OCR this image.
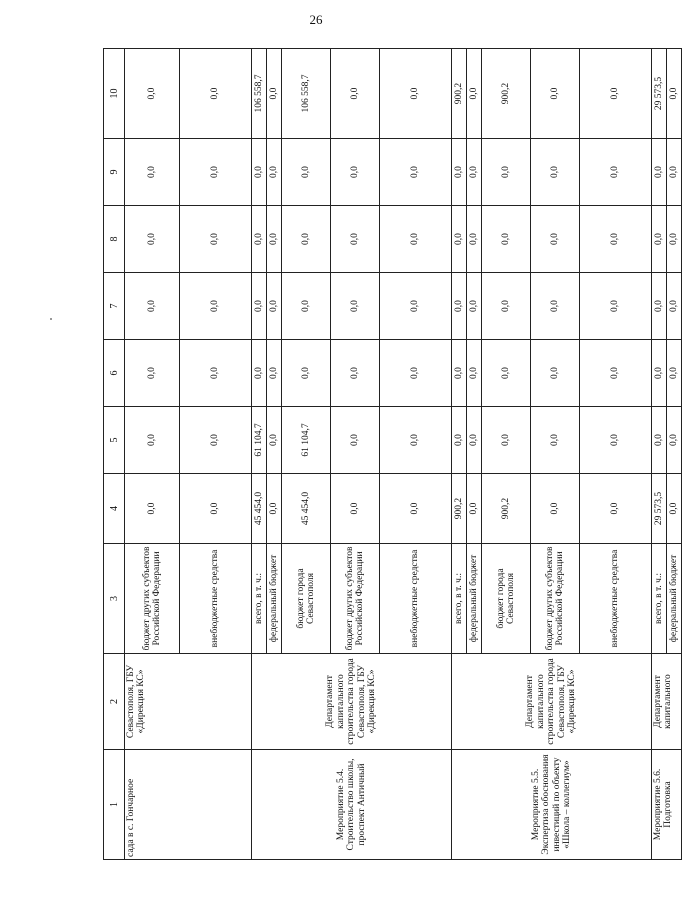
26
1	2	3	4	5	6	7	8	9	10
сада в с. Гончарное	Севастополя, ГБУ «Дирекция КС»	бюджет других субъектов Российской Федерации	0,0	0,0	0,0	0,0	0,0	0,0	0,0
		внебюджетные средства	0,0	0,0	0,0	0,0	0,0	0,0	0,0
Мероприятие 5.4. Строительство школы, проспект Античный	Департамент капитального строительства города Севастополя, ГБУ «Дирекция КС»	всего, в т. ч.:	45 454,0	61 104,7	0,0	0,0	0,0	0,0	106 558,7
		федеральный бюджет	0,0	0,0	0,0	0,0	0,0	0,0	0,0
		бюджет города Севастополя	45 454,0	61 104,7	0,0	0,0	0,0	0,0	106 558,7
		бюджет других субъектов Российской Федерации	0,0	0,0	0,0	0,0	0,0	0,0	0,0
		внебюджетные средства	0,0	0,0	0,0	0,0	0,0	0,0	0,0
Мероприятие 5.5. Экспертиза обоснования инвестиций по объекту «Школа – коллегиум»	Департамент капитального строительства города Севастополя, ГБУ «Дирекция КС»	всего, в т. ч.:	900,2	0,0	0,0	0,0	0,0	0,0	900,2
		федеральный бюджет	0,0	0,0	0,0	0,0	0,0	0,0	0,0
		бюджет города Севастополя	900,2	0,0	0,0	0,0	0,0	0,0	900,2
		бюджет других субъектов Российской Федерации	0,0	0,0	0,0	0,0	0,0	0,0	0,0
		внебюджетные средства	0,0	0,0	0,0	0,0	0,0	0,0	0,0
Мероприятие 5.6. Подготовка	Департамент капитального	всего, в т. ч.:	29 573,5	0,0	0,0	0,0	0,0	0,0	29 573,5
		федеральный бюджет	0,0	0,0	0,0	0,0	0,0	0,0	0,0
